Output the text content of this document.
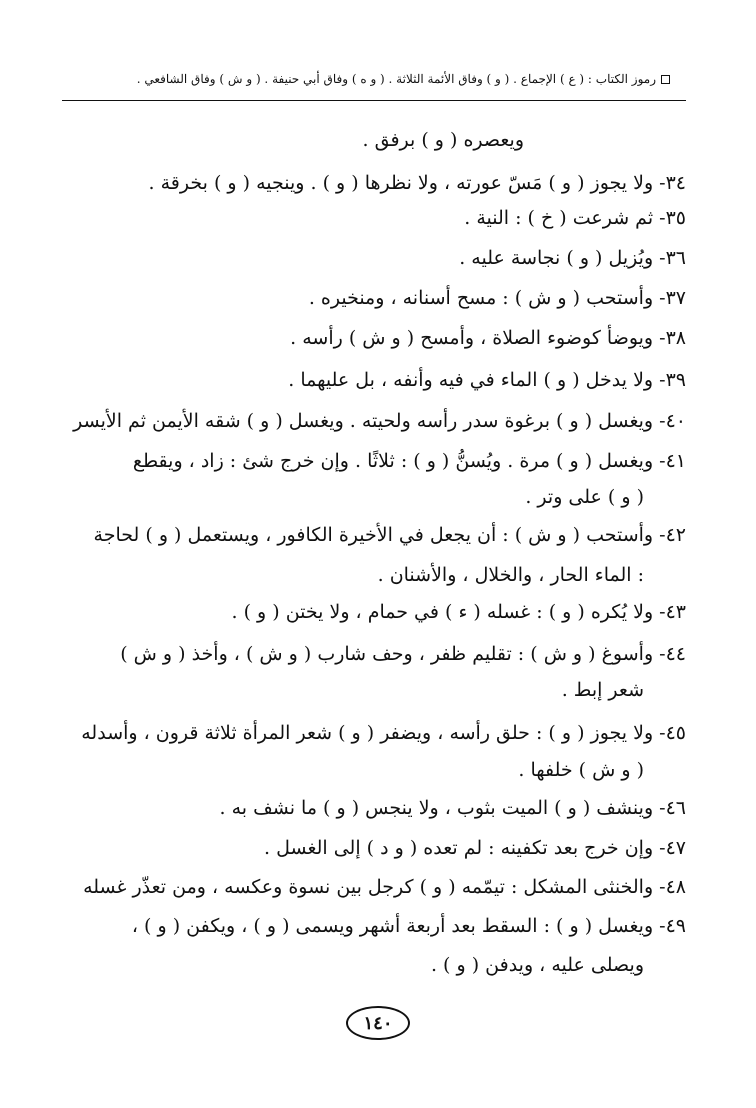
رموز الكتاب : ( ع ) الإجماع . ( و ) وفاق الأئمة الثلاثة . ( و ه ) وفاق أبي حنيفة . ( و ش ) وفاق الشافعي .
ويعصره ( و ) برفق .
٣٤- ولا يجوز ( و ) مَسّ عورته ، ولا نظرها ( و ) . وينجيه ( و ) بخرقة .
٣٥- ثم شرعت ( خ ) : النية .
٣٦- ويُزيل ( و ) نجاسة عليه .
٣٧- وأستحب ( و ش ) : مسح أسنانه ، ومنخيره .
٣٨- ويوضأ كوضوء الصلاة ، وأمسح ( و ش ) رأسه .
٣٩- ولا يدخل ( و ) الماء في فيه وأنفه ، بل عليهما .
٤٠- ويغسل ( و ) برغوة سدر رأسه ولحيته . ويغسل ( و ) شقه الأيمن ثم الأيسر
٤١- ويغسل ( و ) مرة . ويُسنُّ ( و ) : ثلاثًا . وإن خرج شئ : زاد ، ويقطع
( و ) على وتر .
٤٢- وأستحب ( و ش ) : أن يجعل في الأخيرة الكافور ، ويستعمل ( و ) لحاجة
: الماء الحار ، والخلال ، والأشنان .
٤٣- ولا يُكره ( و ) : غسله ( ء ) في حمام ، ولا يختن ( و ) .
٤٤- وأسوغ ( و ش ) : تقليم ظفر ، وحف شارب ( و ش ) ، وأخذ ( و ش )
شعر إبط .
٤٥- ولا يجوز ( و ) : حلق رأسه ، ويضفر ( و ) شعر المرأة ثلاثة قرون ، وأسدله
( و ش ) خلفها .
٤٦- وينشف ( و ) الميت بثوب ، ولا ينجس ( و ) ما نشف به .
٤٧- وإن خرج بعد تكفينه : لم تعده ( و د ) إلى الغسل .
٤٨- والخنثى المشكل : تيمّمه ( و ) كرجل بين نسوة وعكسه ، ومن تعذّر غسله
٤٩- ويغسل ( و ) : السقط بعد أربعة أشهر ويسمى ( و ) ، ويكفن ( و ) ،
ويصلى عليه ، ويدفن ( و ) .
١٤٠
